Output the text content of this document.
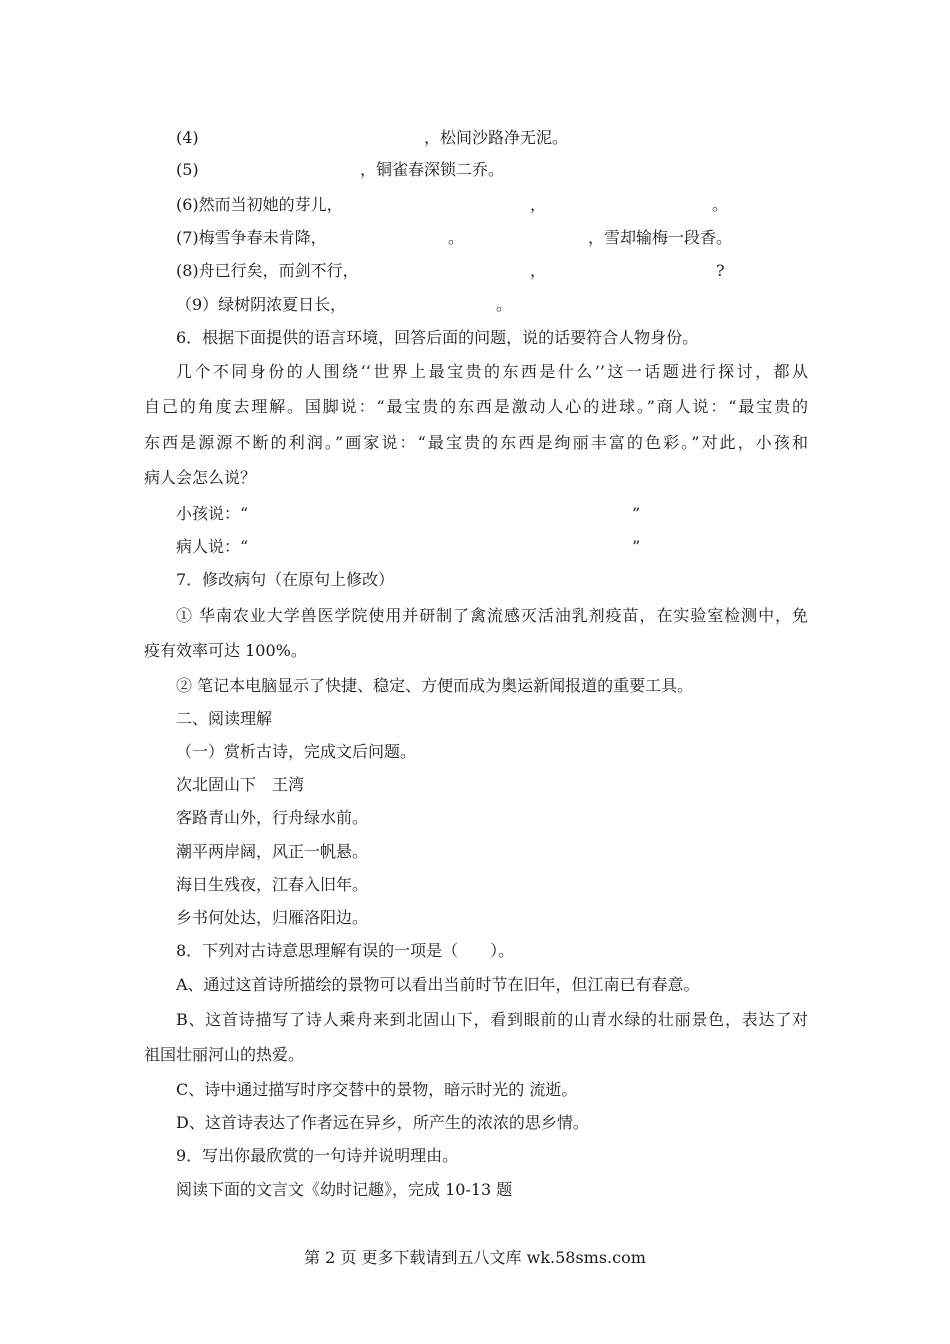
(4)	，松间沙路净无泥。
(5)	，铜雀春深锁二乔。
(6)然而当初她的芽儿，	，	。
(7)梅雪争春未肯降，	。	，雪却输梅一段香。
(8)舟已行矣，而剑不行，	，	?
（9）绿树阴浓夏日长，	。
6．根据下面提供的语言环境，回答后面的问题，说的话要符合人物身份。
几个不同身份的人围绕‘‘世界上最宝贵的东西是什么’’这一话题进行探讨，都从
自己的角度去理解。国脚说：“最宝贵的东西是激动人心的进球。”商人说：“最宝贵的
东西是源源不断的利润。”画家说：“最宝贵的东西是绚丽丰富的色彩。”对此，小孩和
病人会怎么说？
小孩说：“	”
病人说：“	”
7．修改病句（在原句上修改）
① 华南农业大学兽医学院使用并研制了禽流感灭活油乳剂疫苗，在实验室检测中，免
疫有效率可达 100%。
② 笔记本电脑显示了快捷、稳定、方便而成为奥运新闻报道的重要工具。
二、阅读理解
（一）赏析古诗，完成文后问题。
次北固山下　王湾
客路青山外，行舟绿水前。
潮平两岸阔，风正一帆悬。
海日生残夜，江春入旧年。
乡书何处达，归雁洛阳边。
8．下列对古诗意思理解有误的一项是（　　）。
A、通过这首诗所描绘的景物可以看出当前时节在旧年，但江南已有春意。
B、这首诗描写了诗人乘舟来到北固山下，看到眼前的山青水绿的壮丽景色，表达了对
祖国壮丽河山的热爱。
C、诗中通过描写时序交替中的景物，暗示时光的 流逝。
D、这首诗表达了作者远在异乡，所产生的浓浓的思乡情。
9．写出你最欣赏的一句诗并说明理由。
阅读下面的文言文《幼时记趣》，完成 10-13 题
第 2 页 更多下载请到五八文库 wk.58sms.com
